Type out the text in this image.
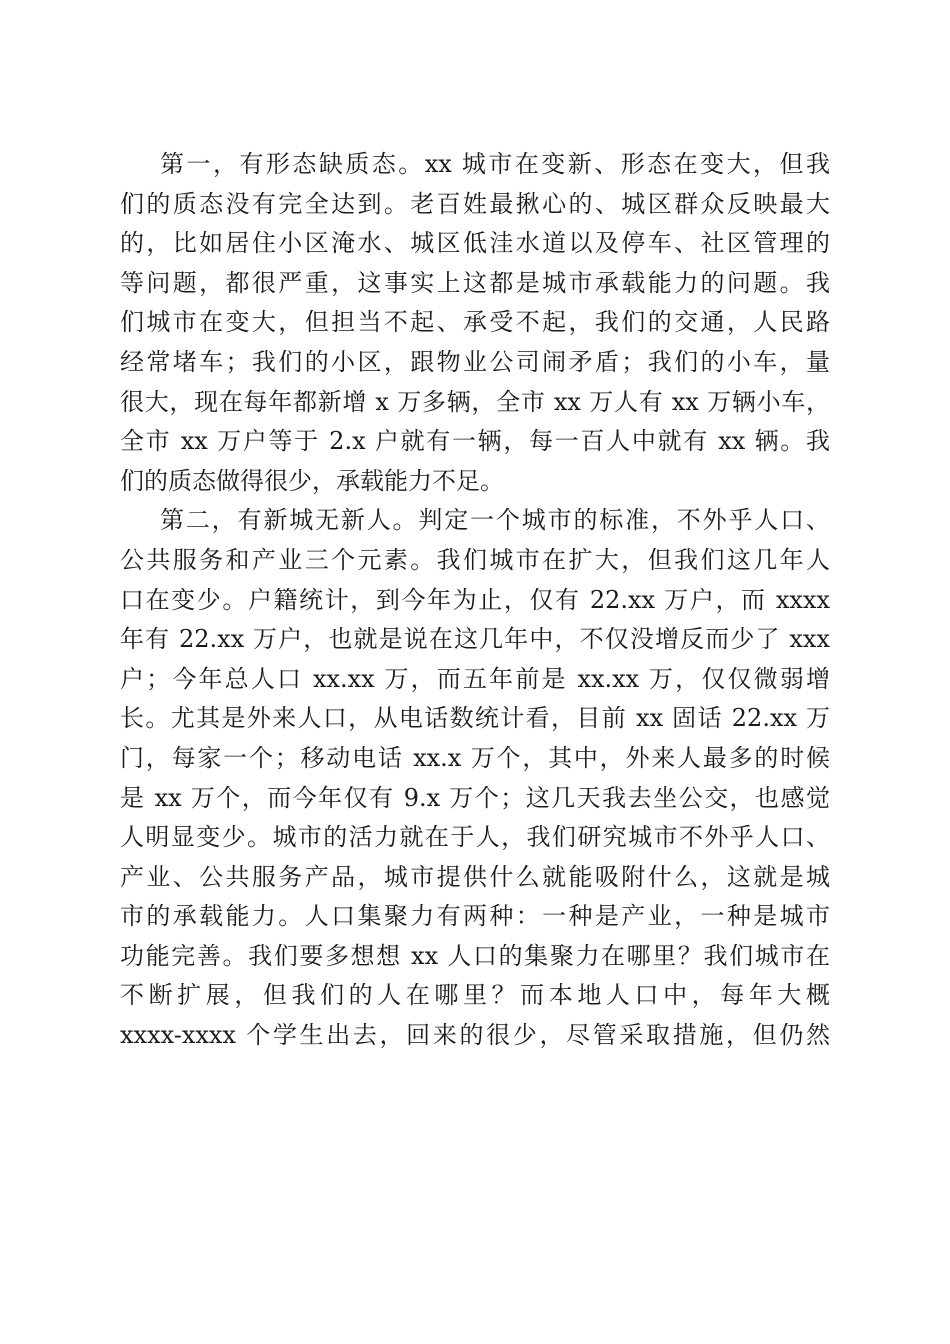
第一，有形态缺质态。xx 城市在变新、形态在变大，但我
们的质态没有完全达到。老百姓最揪心的、城区群众反映最大
的，比如居住小区淹水、城区低洼水道以及停车、社区管理的
等问题，都很严重，这事实上这都是城市承载能力的问题。我
们城市在变大，但担当不起、承受不起，我们的交通，人民路
经常堵车；我们的小区，跟物业公司闹矛盾；我们的小车，量
很大，现在每年都新增 x 万多辆，全市 xx 万人有 xx 万辆小车，
全市 xx 万户等于 2.x 户就有一辆，每一百人中就有 xx 辆。我
们的质态做得很少，承载能力不足。
第二，有新城无新人。判定一个城市的标准，不外乎人口、
公共服务和产业三个元素。我们城市在扩大，但我们这几年人
口在变少。户籍统计，到今年为止，仅有 22.xx 万户，而 xxxx
年有 22.xx 万户，也就是说在这几年中，不仅没增反而少了 xxx
户；今年总人口 xx.xx 万，而五年前是 xx.xx 万，仅仅微弱增
长。尤其是外来人口，从电话数统计看，目前 xx 固话 22.xx 万
门，每家一个；移动电话 xx.x 万个，其中，外来人最多的时候
是 xx 万个，而今年仅有 9.x 万个；这几天我去坐公交，也感觉
人明显变少。城市的活力就在于人，我们研究城市不外乎人口、
产业、公共服务产品，城市提供什么就能吸附什么，这就是城
市的承载能力。人口集聚力有两种：一种是产业，一种是城市
功能完善。我们要多想想 xx 人口的集聚力在哪里？我们城市在
不断扩展，但我们的人在哪里？而本地人口中，每年大概
xxxx-xxxx 个学生出去，回来的很少，尽管采取措施，但仍然
